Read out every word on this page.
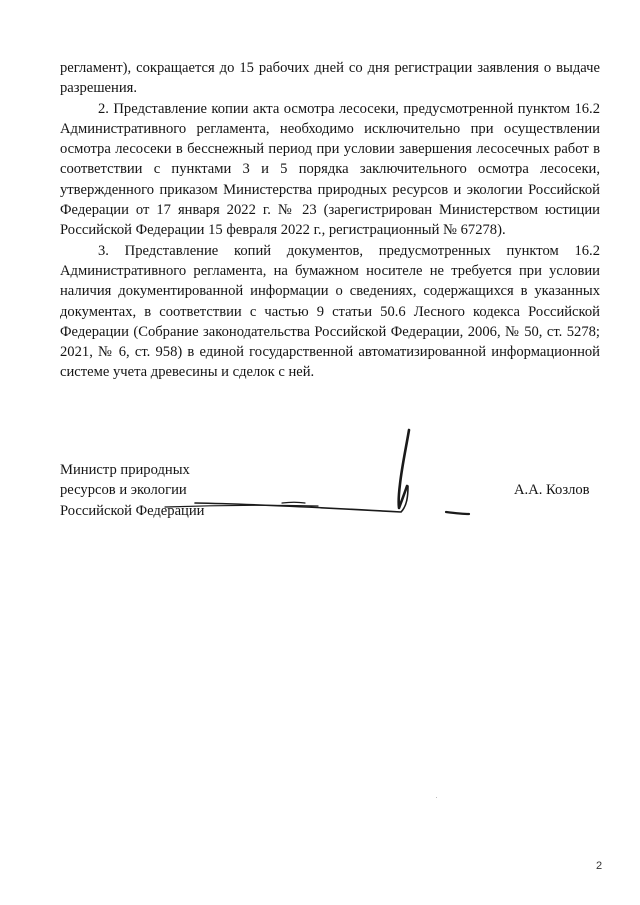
регламент), сокращается до 15 рабочих дней со дня регистрации заявления о выдаче разрешения.

2. Представление копии акта осмотра лесосеки, предусмотренной пунктом 16.2 Административного регламента, необходимо исключительно при осуществлении осмотра лесосеки в бесснежный период при условии завершения лесосечных работ в соответствии с пунктами 3 и 5 порядка заключительного осмотра лесосеки, утвержденного приказом Министерства природных ресурсов и экологии Российской Федерации от 17 января 2022 г. № 23 (зарегистрирован Министерством юстиции Российской Федерации 15 февраля 2022 г., регистрационный № 67278).

3. Представление копий документов, предусмотренных пунктом 16.2 Административного регламента, на бумажном носителе не требуется при условии наличия документированной информации о сведениях, содержащихся в указанных документах, в соответствии с частью 9 статьи 50.6 Лесного кодекса Российской Федерации (Собрание законодательства Российской Федерации, 2006, № 50, ст. 5278; 2021, № 6, ст. 958) в единой государственной автоматизированной информационной системе учета древесины и сделок с ней.

Министр природных
ресурсов и экологии
Российской Федерации
А.А. Козлов
2
